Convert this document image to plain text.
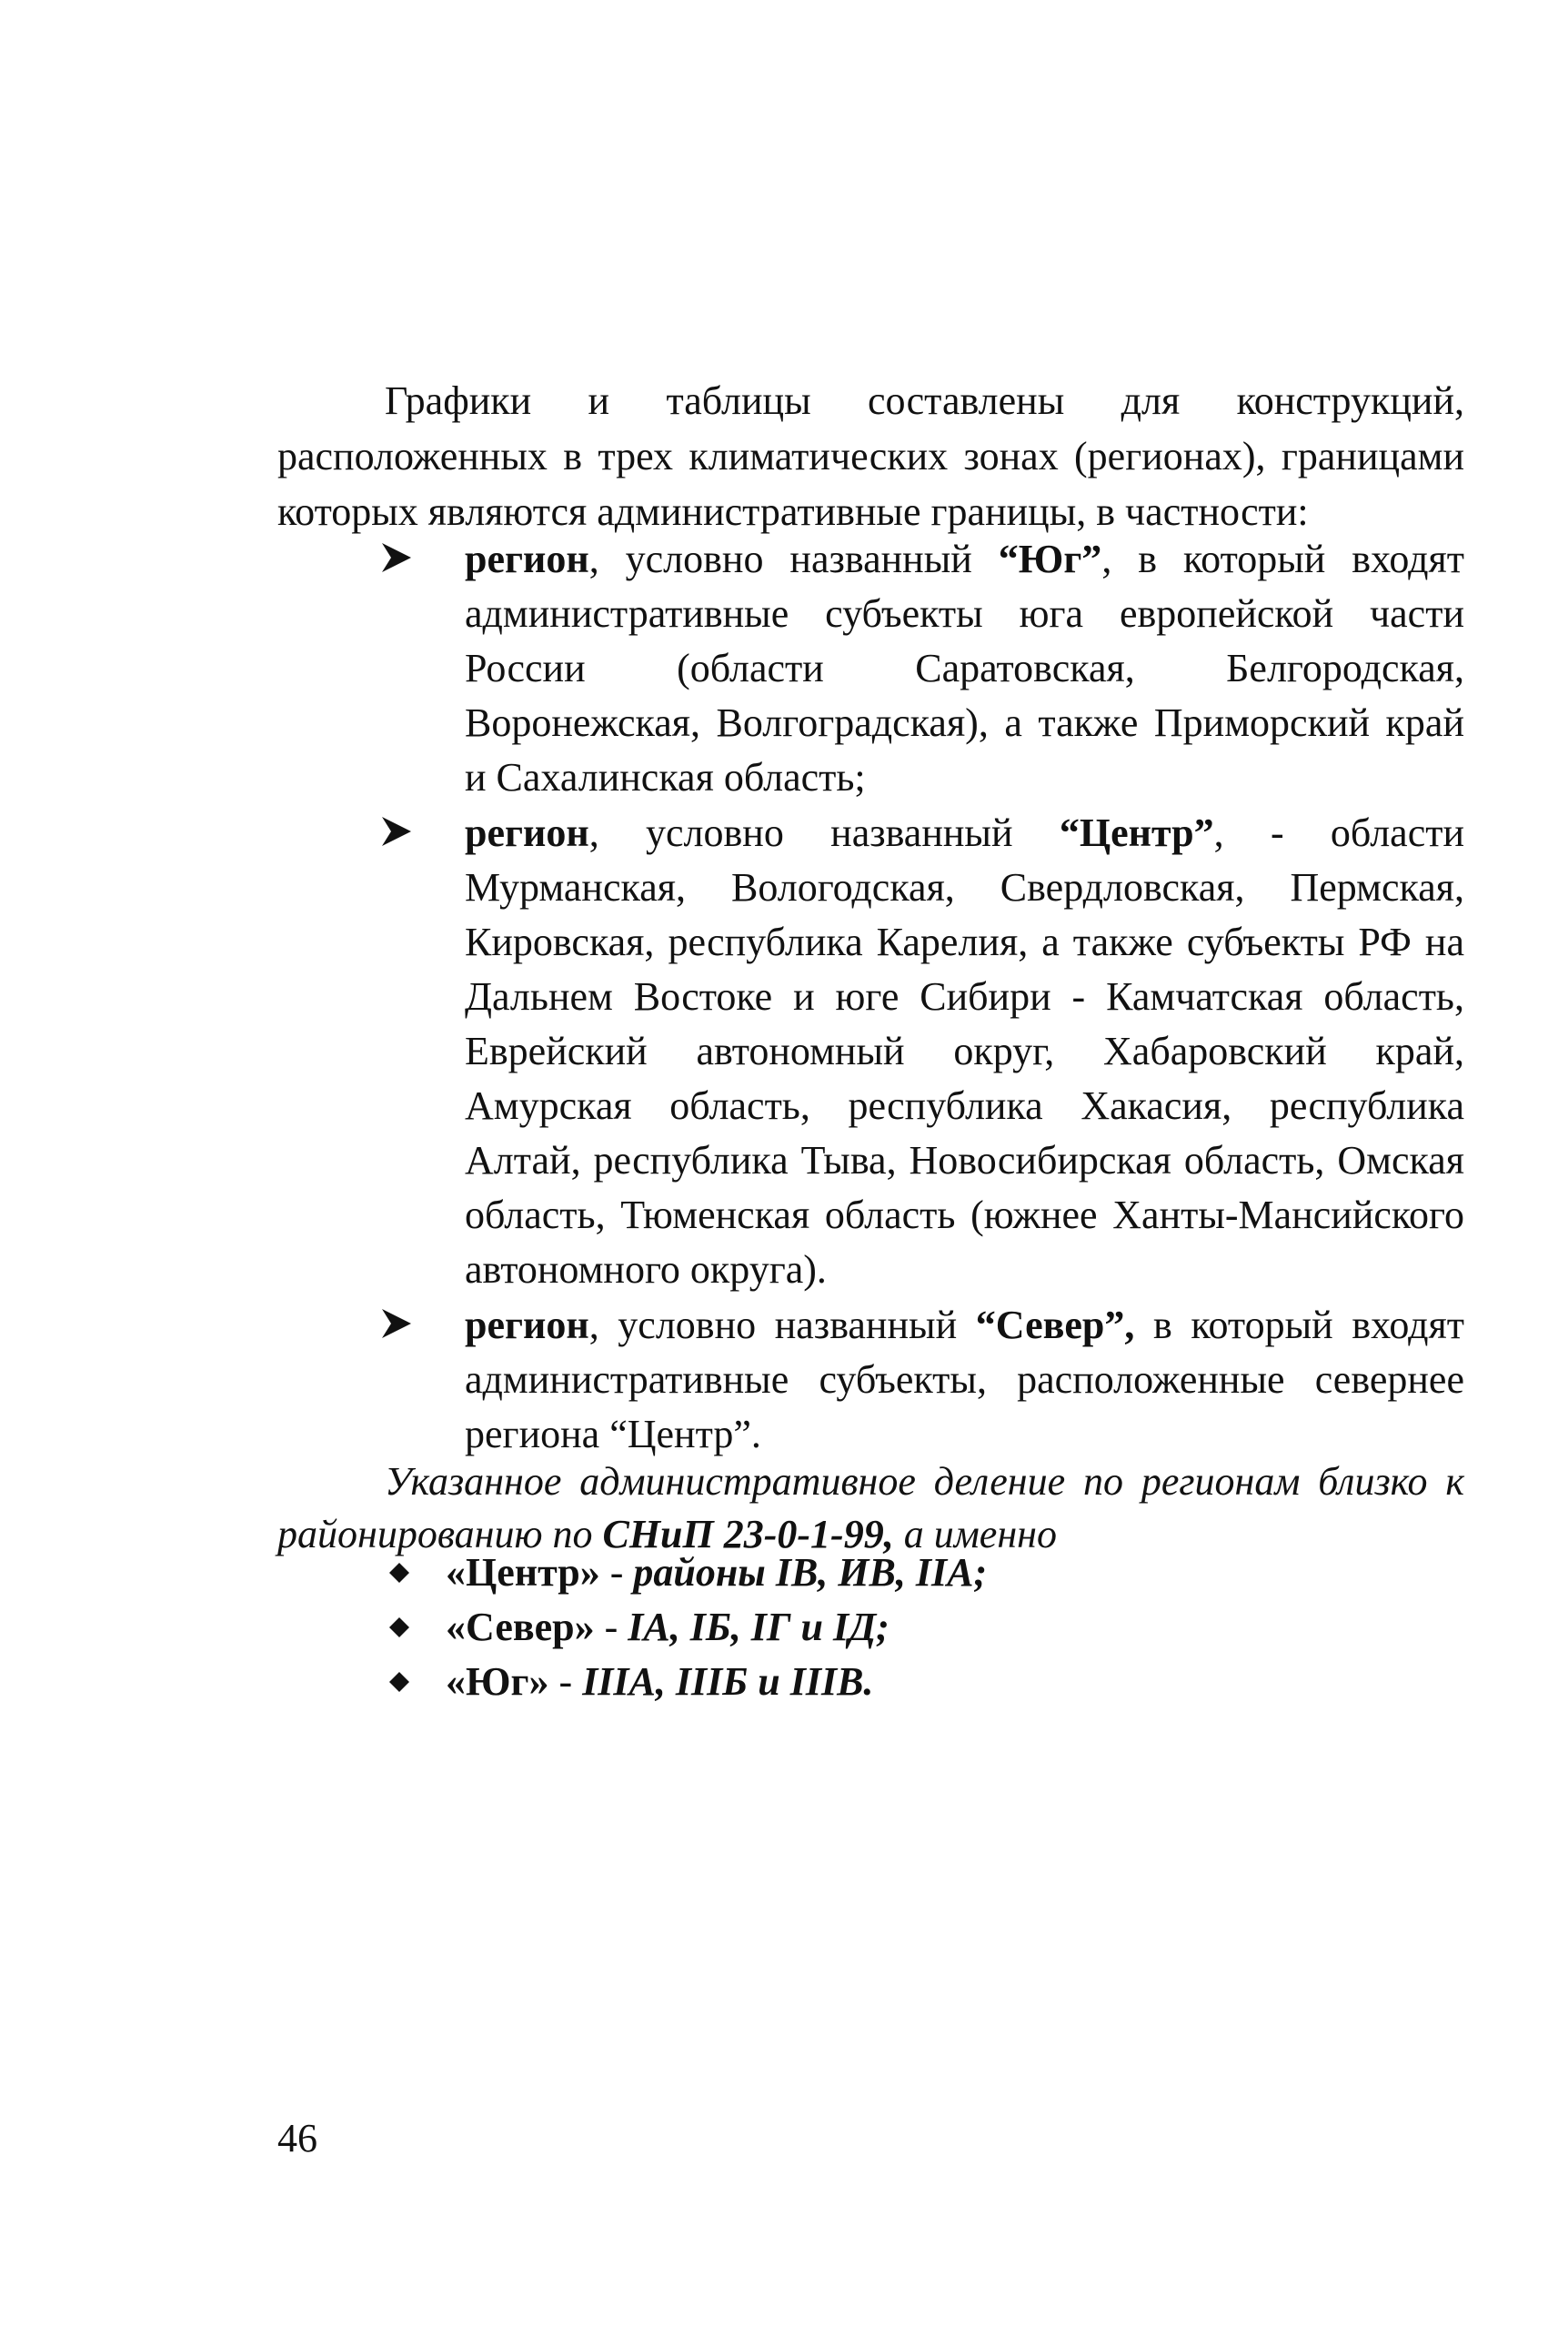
Графики и таблицы составлены для конструкций, расположенных в трех климатических зонах (регионах), границами которых являются административные границы, в частности:

регион, условно названный “Юг”, в который входят административные субъекты юга европейской части России (области Саратовская, Белгородская, Воронежская, Волгоградская), а также Приморский край и Сахалинская область;
регион, условно названный “Центр”, - области Мурманская, Вологодская, Свердловская, Пермская, Кировская, республика Карелия, а также субъекты РФ на Дальнем Востоке и юге Сибири - Камчатская область, Еврейский автономный округ, Хабаровский край, Амурская область, республика Хакасия, республика Алтай, республика Тыва, Новосибирская область, Омская область, Тюменская область (южнее Ханты-Мансийского автономного округа).
регион, условно названный “Север”, в который входят административные субъекты, расположенные севернее региона “Центр”.

Указанное административное деление по регионам близко к районированию по СНиП 23-0-1-99, а именно

«Центр» - районы IВ, ИВ, IIА;
«Север» - IА, IБ, IГ и IД;
«Юг» - IIIА, IIIБ и IIIВ.
46
